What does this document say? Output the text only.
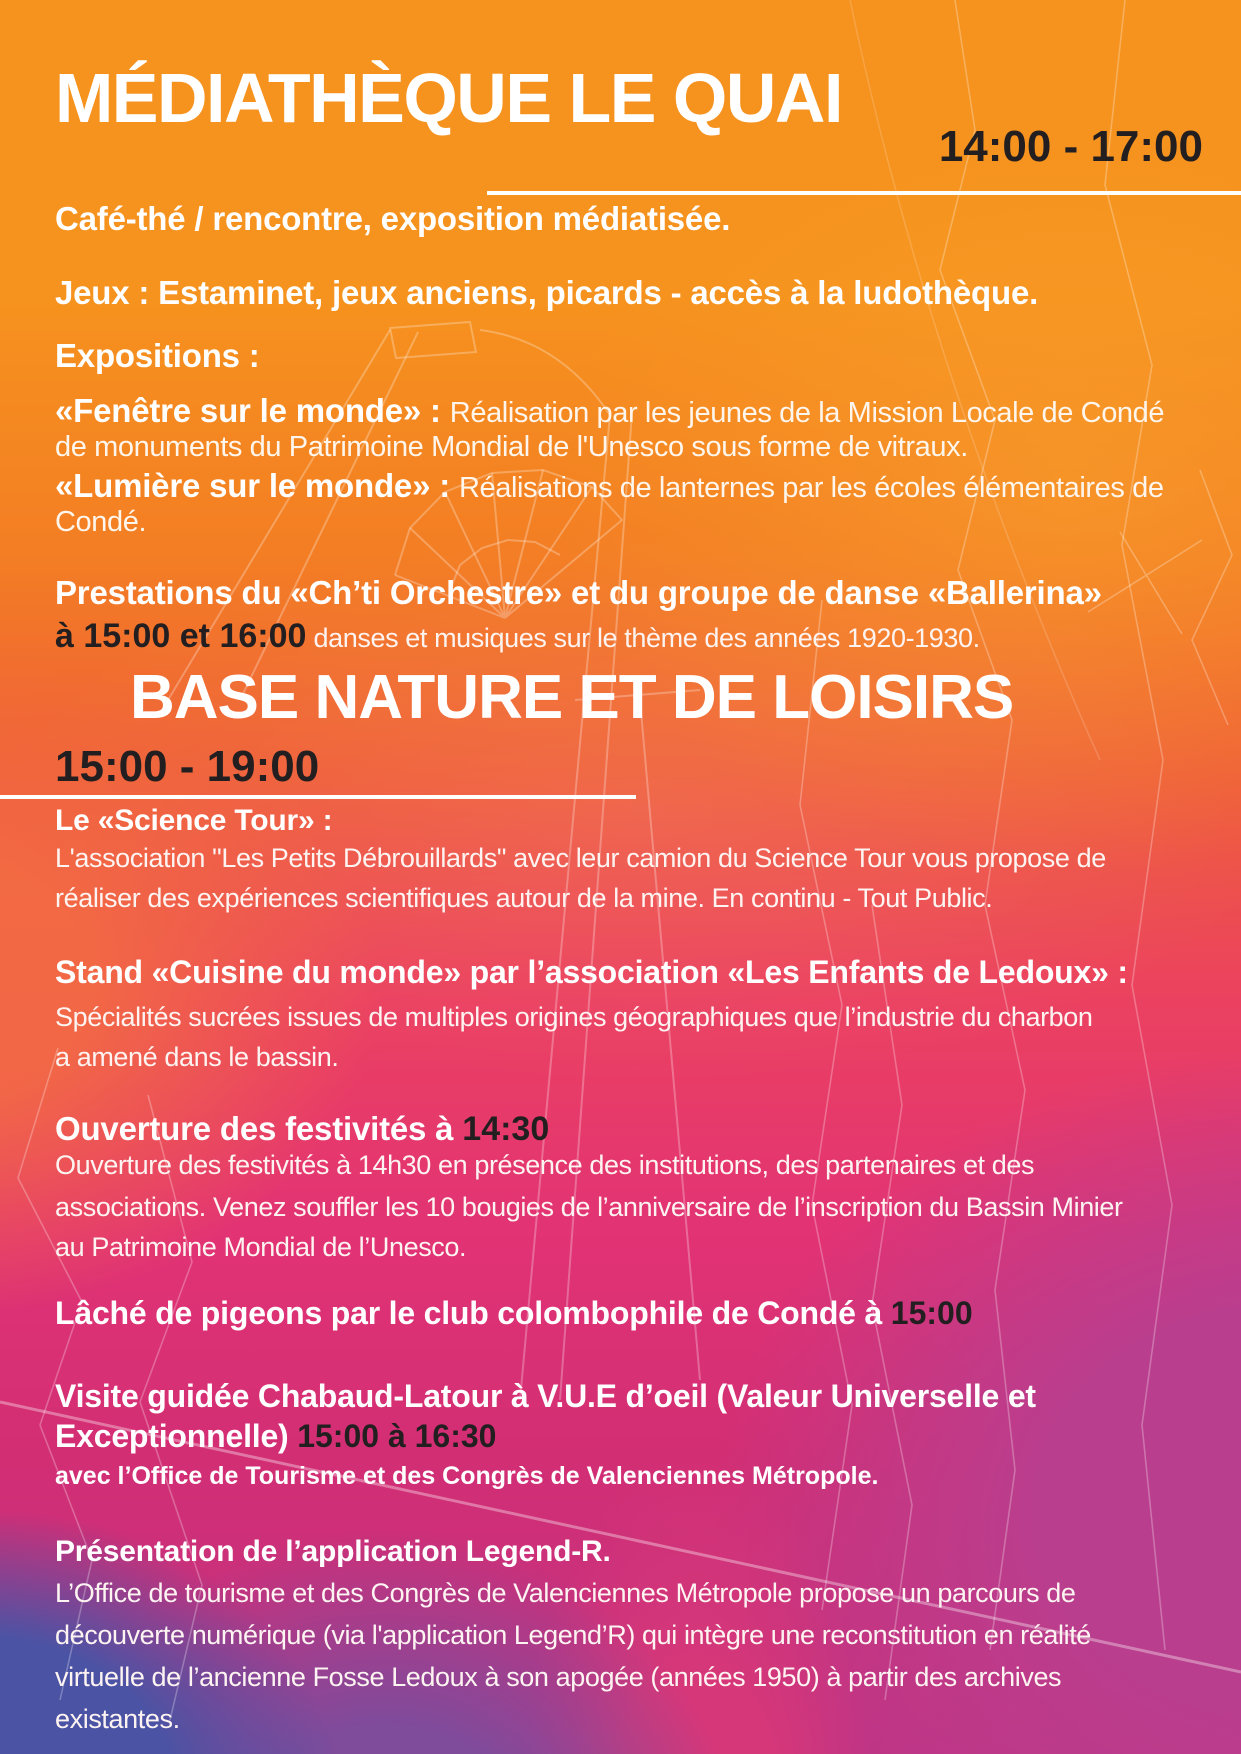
MÉDIATHÈQUE LE QUAI
14:00 - 17:00
Café-thé / rencontre, exposition médiatisée.
Jeux : Estaminet, jeux anciens, picards - accès à la ludothèque.
Expositions :
«Fenêtre sur le monde» : Réalisation par les jeunes de la Mission Locale de Condé
de monuments du Patrimoine Mondial de l'Unesco sous forme de vitraux.
«Lumière sur le monde» : Réalisations de lanternes par les écoles élémentaires de
Condé.
Prestations du «Ch’ti Orchestre» et du groupe de danse «Ballerina»
à 15:00 et 16:00 danses et musiques sur le thème des années 1920-1930.
BASE NATURE ET DE LOISIRS
15:00 - 19:00
Le «Science Tour» :
L'association "Les Petits Débrouillards" avec leur camion du Science Tour vous propose de
réaliser des expériences scientifiques autour de la mine. En continu - Tout Public.
Stand «Cuisine du monde» par l’association «Les Enfants de Ledoux» :
Spécialités sucrées issues de multiples origines géographiques que l’industrie du charbon
a amené dans le bassin.
Ouverture des festivités à 14:30
Ouverture des festivités à 14h30 en présence des institutions, des partenaires et des
associations. Venez souffler les 10 bougies de l’anniversaire de l’inscription du Bassin Minier
au Patrimoine Mondial de l’Unesco.
Lâché de pigeons par le club colombophile de Condé à 15:00
Visite guidée Chabaud-Latour à V.U.E d’oeil (Valeur Universelle et
Exceptionnelle) 15:00 à 16:30
avec l’Office de Tourisme et des Congrès de Valenciennes Métropole.
Présentation de l’application Legend-R.
L’Office de tourisme et des Congrès de Valenciennes Métropole propose un parcours de
découverte numérique (via l'application Legend’R) qui intègre une reconstitution en réalité
virtuelle de l’ancienne Fosse Ledoux à son apogée (années 1950) à partir des archives
existantes.
